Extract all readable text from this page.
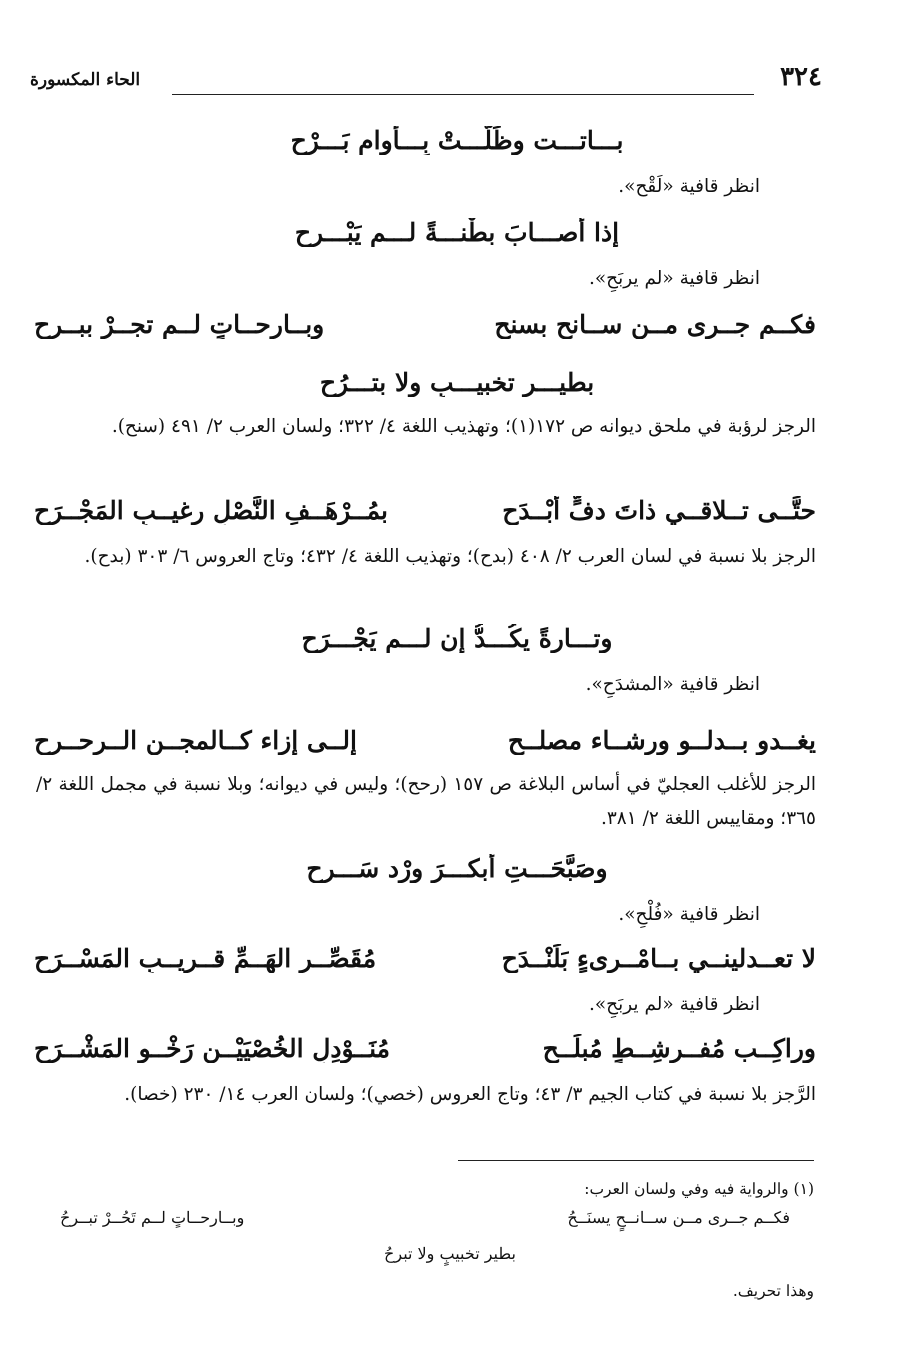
٣٢٤
الحاء المكسورة
بـــاتـــت وظَلَّـــتْ بِـــأوامٍ بَـــرْحِ
انظر قافية «لَقْح».
إذا أصـــابَ بطْنـــةً لـــم يَبْـــرحِ
انظر قافية «لم يربَحِ».
فكــم جــرى مــن ســانحٍ بسنحِ
وبــارحــاتٍ لــم تجــرْ ببــرحِ
بطيـــر تخبيـــبٍ ولا بتـــرُحِ
الرجز لرؤبة في ملحق ديوانه ص ١٧٢(١)؛ وتهذيب اللغة ٤/ ٣٢٢؛ ولسان العرب ٢/ ٤٩١ (سنح).
حتَّــى تــلاقــي ذاتَ دفٍّ أَبْــدَحِ
بمُــرْهَــفِ النَّصْلِ رغيــبِ المَجْــرَحِ
الرجز بلا نسبة في لسان العرب ٢/ ٤٠٨ (بدح)؛ وتهذيب اللغة ٤/ ٤٣٢؛ وتاج العروس ٦/ ٣٠٣ (بدح).
وتـــارةً يكُـــدُّ إن لـــم يَجْـــرَحِ
انظر قافية «المشدَحِ».
يغــدو بــدلــو ورشــاء مصلــح
إلــى إزاء كــالمجــن الــرحــرح
الرجز للأغلب العجليّ في أساس البلاغة ص ١٥٧ (رحح)؛ وليس في ديوانه؛ وبلا نسبة في مجمل اللغة ٢/ ٣٦٥؛ ومقاييس اللغة ٢/ ٣٨١.
وصَبَّحَـــتِ أبكـــرَ ورْد سَـــرحِ
انظر قافية «فُلْحِ».
لا تعــدلينــي بــامْــرِىءٍ بَلَنْــدَحِ
مُقَصِّــرِ الهَــمِّ قــريــبِ المَسْــرَحِ
انظر قافية «لم يربَحِ».
وراكِــب مُفــرشِــطٍ مُبلِّــحِ
مُنَــوْدِلِ الخُصْيَيْــنِ رَخْــو المَشْــرَحِ
الرَّجز بلا نسبة في كتاب الجيم ٣/ ٤٣؛ وتاج العروس (خصي)؛ ولسان العرب ١٤/ ٢٣٠ (خصا).
(١) والرواية فيه وفي ولسان العرب:
فكــم جــرى مــن ســانــحٍ يسنَــحُ
وبــارحــاتٍ لــم تَحُــرْ تبــرحُ
بطير تخبيبٍ ولا تبرحُ
وهذا تحريف.
